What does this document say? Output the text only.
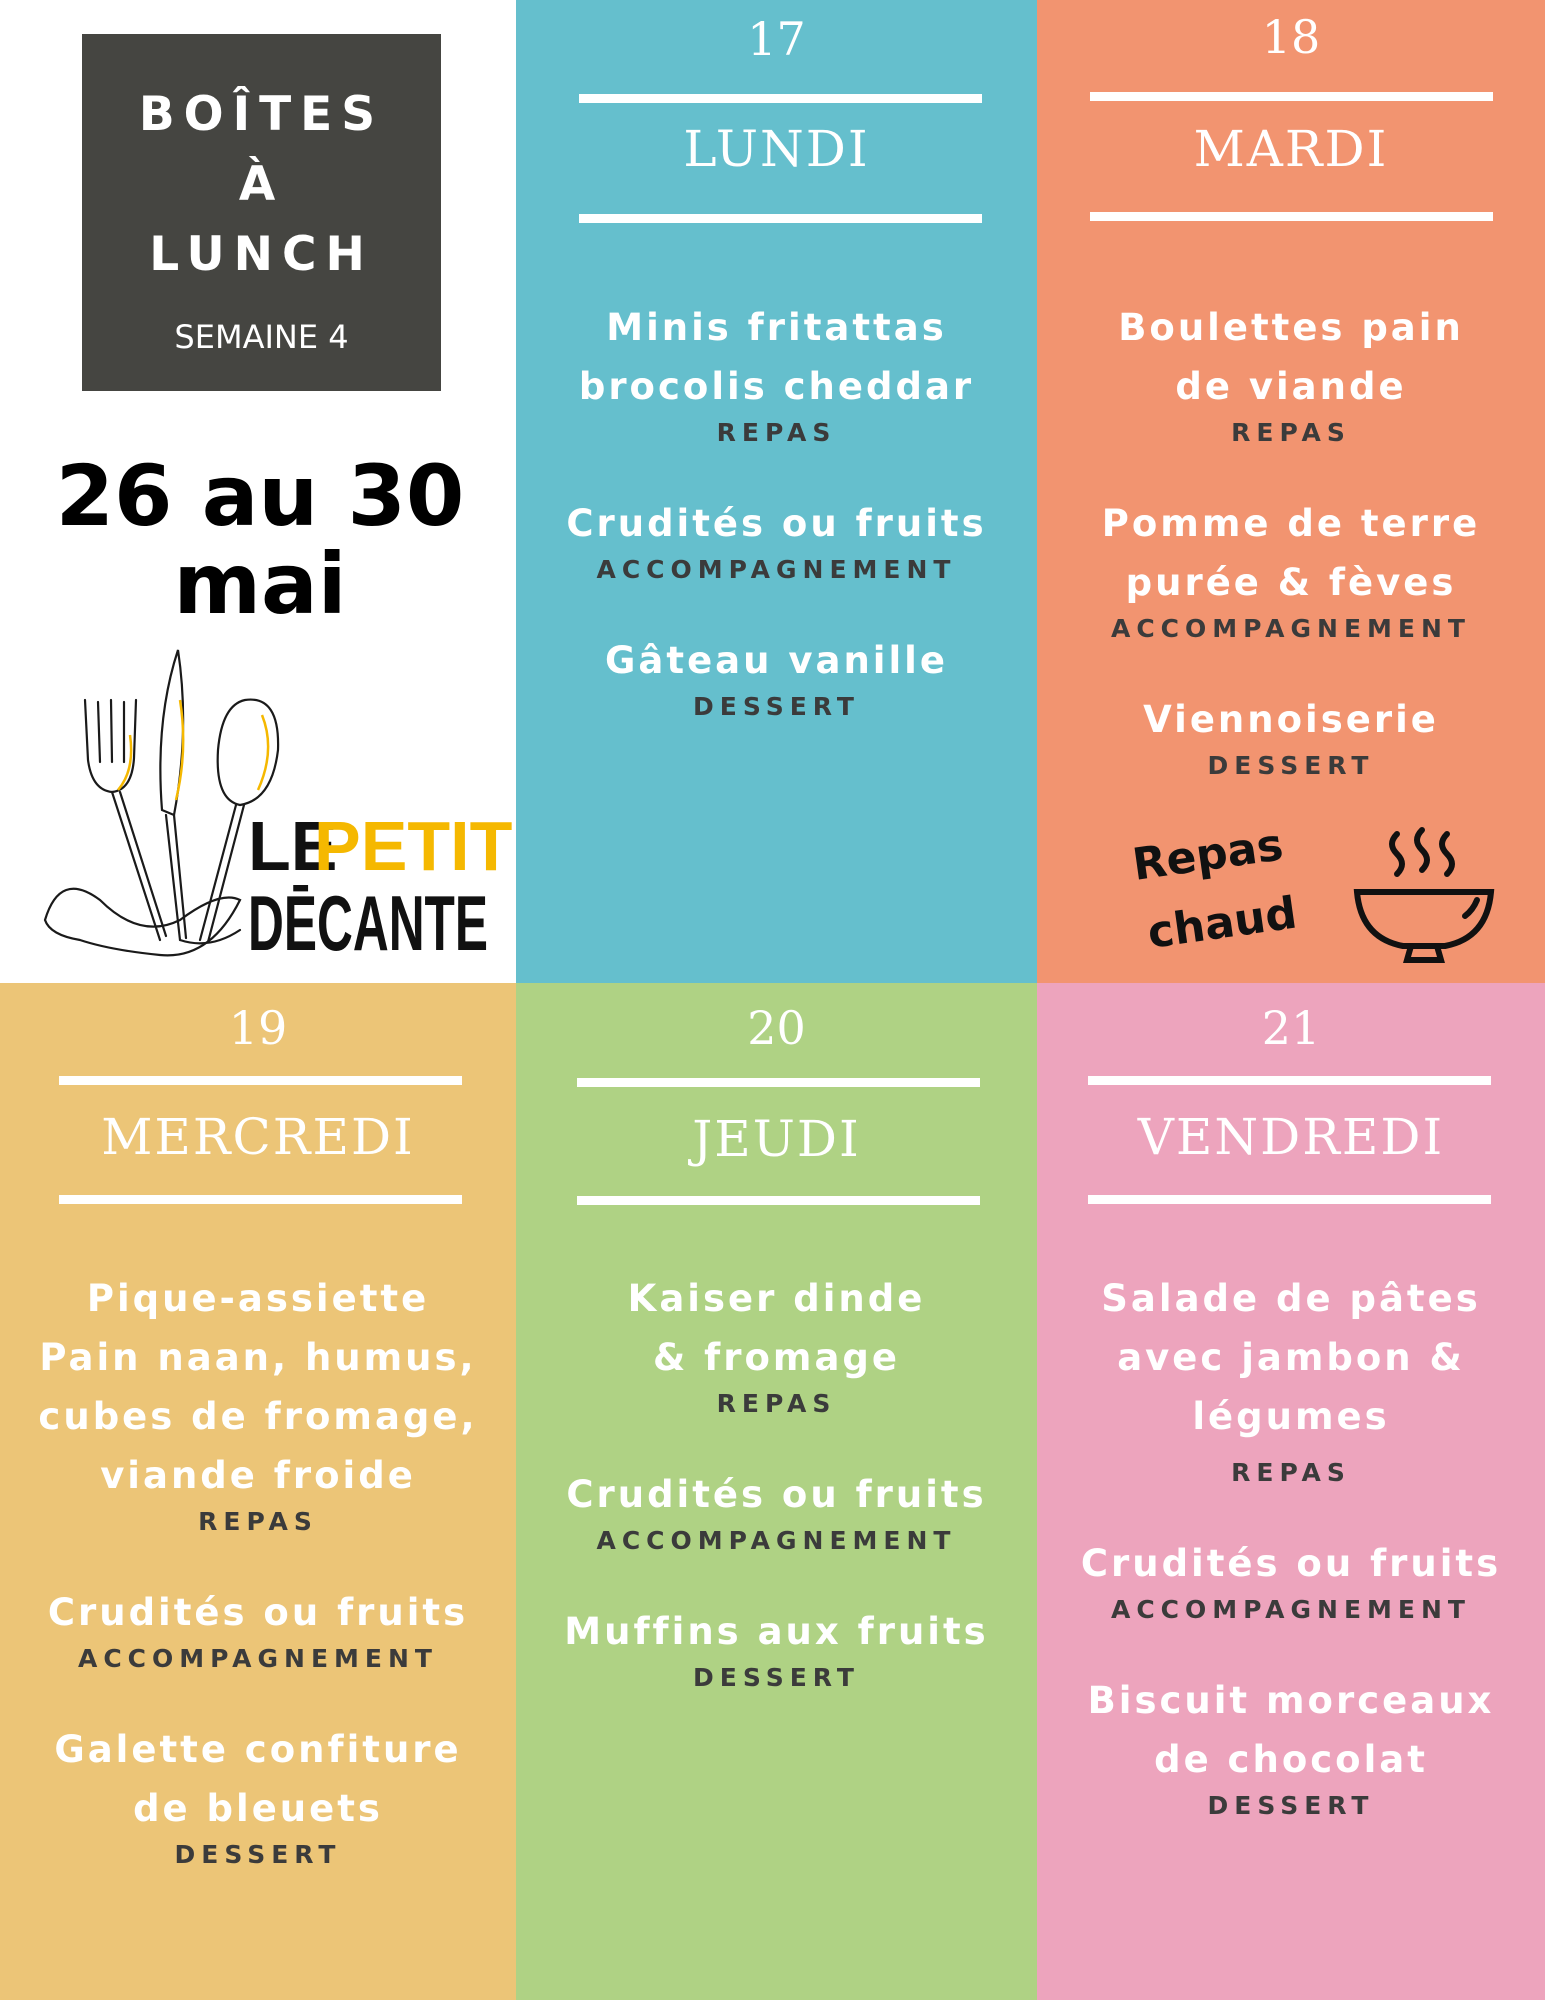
BOÎTES
À
LUNCH
SEMAINE 4
26 au 30
mai
LE
PETIT
DĒCANTE
17
LUNDI
Minis fritattas
brocolis cheddar
REPAS
Crudités ou fruits
ACCOMPAGNEMENT
Gâteau vanille
DESSERT
18
MARDI
Boulettes pain
de viande
REPAS
Pomme de terre
purée & fèves
ACCOMPAGNEMENT
Viennoiserie
DESSERT
Repas
chaud
19
MERCREDI
Pique-assiette
Pain naan, humus,
cubes de fromage,
viande froide
REPAS
Crudités ou fruits
ACCOMPAGNEMENT
Galette confiture
de bleuets
DESSERT
20
JEUDI
Kaiser dinde
& fromage
REPAS
Crudités ou fruits
ACCOMPAGNEMENT
Muffins aux fruits
DESSERT
21
VENDREDI
Salade de pâtes
avec jambon &
légumes
REPAS
Crudités ou fruits
ACCOMPAGNEMENT
Biscuit morceaux
de chocolat
DESSERT
